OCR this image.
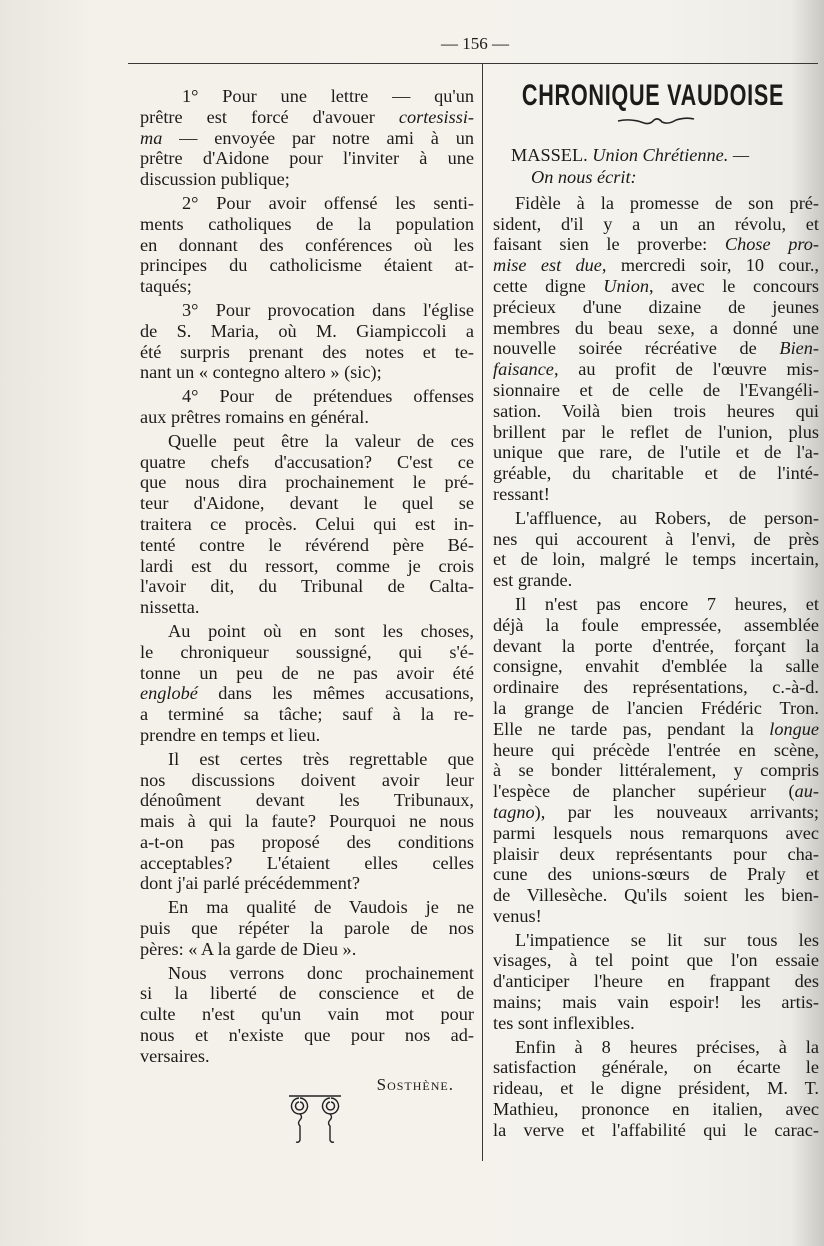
— 156 —
1° Pour une lettre — qu'un
prêtre est forcé d'avouer cortesissi-
ma — envoyée par notre ami à un
prêtre d'Aidone pour l'inviter à une
discussion publique;
2° Pour avoir offensé les senti-
ments catholiques de la population
en donnant des conférences où les
principes du catholicisme étaient at-
taqués;
3° Pour provocation dans l'église
de S. Maria, où M. Giampiccoli a
été surpris prenant des notes et te-
nant un « contegno altero » (sic);
4° Pour de prétendues offenses
aux prêtres romains en général.
Quelle peut être la valeur de ces
quatre chefs d'accusation? C'est ce
que nous dira prochainement le pré-
teur d'Aidone, devant le quel se
traitera ce procès. Celui qui est in-
tenté contre le révérend père Bé-
lardi est du ressort, comme je crois
l'avoir dit, du Tribunal de Calta-
nissetta.
Au point où en sont les choses,
le chroniqueur soussigné, qui s'é-
tonne un peu de ne pas avoir été
englobé dans les mêmes accusations,
a terminé sa tâche; sauf à la re-
prendre en temps et lieu.
Il est certes très regrettable que
nos discussions doivent avoir leur
dénoûment devant les Tribunaux,
mais à qui la faute? Pourquoi ne nous
a-t-on pas proposé des conditions
acceptables? L'étaient elles celles
dont j'ai parlé précédemment?
En ma qualité de Vaudois je ne
puis que répéter la parole de nos
pères: « A la garde de Dieu ».
Nous verrons donc prochainement
si la liberté de conscience et de
culte n'est qu'un vain mot pour
nous et n'existe que pour nos ad-
versaires.
Sosthène.
CHRONIQUE VAUDOISE
MASSEL. Union Chrétienne. —
On nous écrit:
Fidèle à la promesse de son pré-
sident, d'il y a un an révolu, et
faisant sien le proverbe: Chose pro-
mise est due, mercredi soir, 10 cour.,
cette digne Union, avec le concours
précieux d'une dizaine de jeunes
membres du beau sexe, a donné une
nouvelle soirée récréative de Bien-
faisance, au profit de l'œuvre mis-
sionnaire et de celle de l'Evangéli-
sation. Voilà bien trois heures qui
brillent par le reflet de l'union, plus
unique que rare, de l'utile et de l'a-
gréable, du charitable et de l'inté-
ressant!
L'affluence, au Robers, de person-
nes qui accourent à l'envi, de près
et de loin, malgré le temps incertain,
est grande.
Il n'est pas encore 7 heures, et
déjà la foule empressée, assemblée
devant la porte d'entrée, forçant la
consigne, envahit d'emblée la salle
ordinaire des représentations, c.-à-d.
la grange de l'ancien Frédéric Tron.
Elle ne tarde pas, pendant la longue
heure qui précède l'entrée en scène,
à se bonder littéralement, y compris
l'espèce de plancher supérieur (au-
tagno), par les nouveaux arrivants;
parmi lesquels nous remarquons avec
plaisir deux représentants pour cha-
cune des unions-sœurs de Praly et
de Villesèche. Qu'ils soient les bien-
venus!
L'impatience se lit sur tous les
visages, à tel point que l'on essaie
d'anticiper l'heure en frappant des
mains; mais vain espoir! les artis-
tes sont inflexibles.
Enfin à 8 heures précises, à la
satisfaction générale, on écarte le
rideau, et le digne président, M. T.
Mathieu, prononce en italien, avec
la verve et l'affabilité qui le carac-
